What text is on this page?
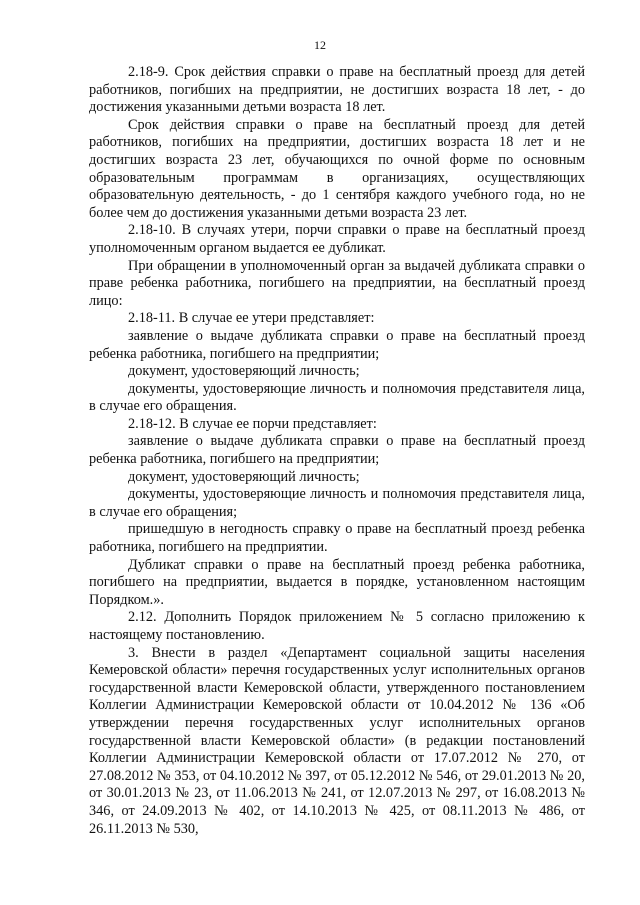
12

2.18-9. Срок действия справки о праве на бесплатный проезд для детей работников, погибших на предприятии, не достигших возраста 18 лет, - до достижения указанными детьми возраста 18 лет.

Срок действия справки о праве на бесплатный проезд для детей работников, погибших на предприятии, достигших возраста 18 лет и не достигших возраста 23 лет, обучающихся по очной форме по основным образовательным программам в организациях, осуществляющих образовательную деятельность, - до 1 сентября каждого учебного года, но не более чем до достижения указанными детьми возраста 23 лет.

2.18-10. В случаях утери, порчи справки о праве на бесплатный проезд уполномоченным органом выдается ее дубликат.

При обращении в уполномоченный орган за выдачей дубликата справки о праве ребенка работника, погибшего на предприятии, на бесплатный проезд лицо:

2.18-11. В случае ее утери представляет:

заявление о выдаче дубликата справки о праве на бесплатный проезд ребенка работника, погибшего на предприятии;

документ, удостоверяющий личность;

документы, удостоверяющие личность и полномочия представителя лица, в случае его обращения.

2.18-12. В случае ее порчи представляет:

заявление о выдаче дубликата справки о праве на бесплатный проезд ребенка работника, погибшего на предприятии;

документ, удостоверяющий личность;

документы, удостоверяющие личность и полномочия представителя лица, в случае его обращения;

пришедшую в негодность справку о праве на бесплатный проезд ребенка работника, погибшего на предприятии.

Дубликат справки о праве на бесплатный проезд ребенка работника, погибшего на предприятии, выдается в порядке, установленном настоящим Порядком.».

2.12. Дополнить Порядок приложением № 5 согласно приложению к настоящему постановлению.

3. Внести в раздел «Департамент социальной защиты населения Кемеровской области» перечня государственных услуг исполнительных органов государственной власти Кемеровской области, утвержденного постановлением Коллегии Администрации Кемеровской области от 10.04.2012 № 136 «Об утверждении перечня государственных услуг исполнительных органов государственной власти Кемеровской области» (в редакции постановлений Коллегии Администрации Кемеровской области от 17.07.2012 № 270, от 27.08.2012 № 353, от 04.10.2012 № 397, от 05.12.2012 № 546, от 29.01.2013 № 20, от 30.01.2013 № 23, от 11.06.2013 № 241, от 12.07.2013 № 297, от 16.08.2013 № 346, от 24.09.2013 № 402, от 14.10.2013 № 425, от 08.11.2013 № 486, от 26.11.2013 № 530,
